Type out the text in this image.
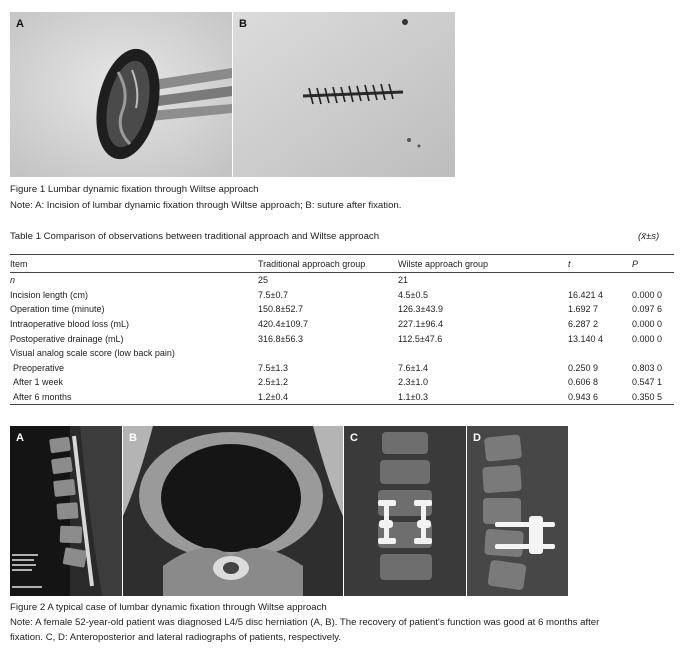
A	B
Figure 1 Lumbar dynamic fixation through Wiltse approach
Note: A: Incision of lumbar dynamic fixation through Wiltse approach; B: suture after fixation.
Table 1 Comparison of observations between traditional approach and Wiltse approach	(x̄±s)
Item	Traditional approach group	Wilste approach group	t	P
n	25	21		
Incision length (cm)	7.5±0.7	4.5±0.5	16.421 4	0.000 0
Operation time (minute)	150.8±52.7	126.3±43.9	1.692 7	0.097 6
Intraoperative blood loss (mL)	420.4±109.7	227.1±96.4	6.287 2	0.000 0
Postoperative drainage (mL)	316.8±56.3	112.5±47.6	13.140 4	0.000 0
Visual analog scale score (low back pain)				
Preoperative	7.5±1.3	7.6±1.4	0.250 9	0.803 0
After 1 week	2.5±1.2	2.3±1.0	0.606 8	0.547 1
After 6 months	1.2±0.4	1.1±0.3	0.943 6	0.350 5
A	B	C	D
Figure 2 A typical case of lumbar dynamic fixation through Wiltse approach
Note: A female 52-year-old patient was diagnosed L4/5 disc herniation (A, B). The recovery of patient's function was good at 6 months after
fixation. C, D: Anteroposterior and lateral radiographs of patients, respectively.
